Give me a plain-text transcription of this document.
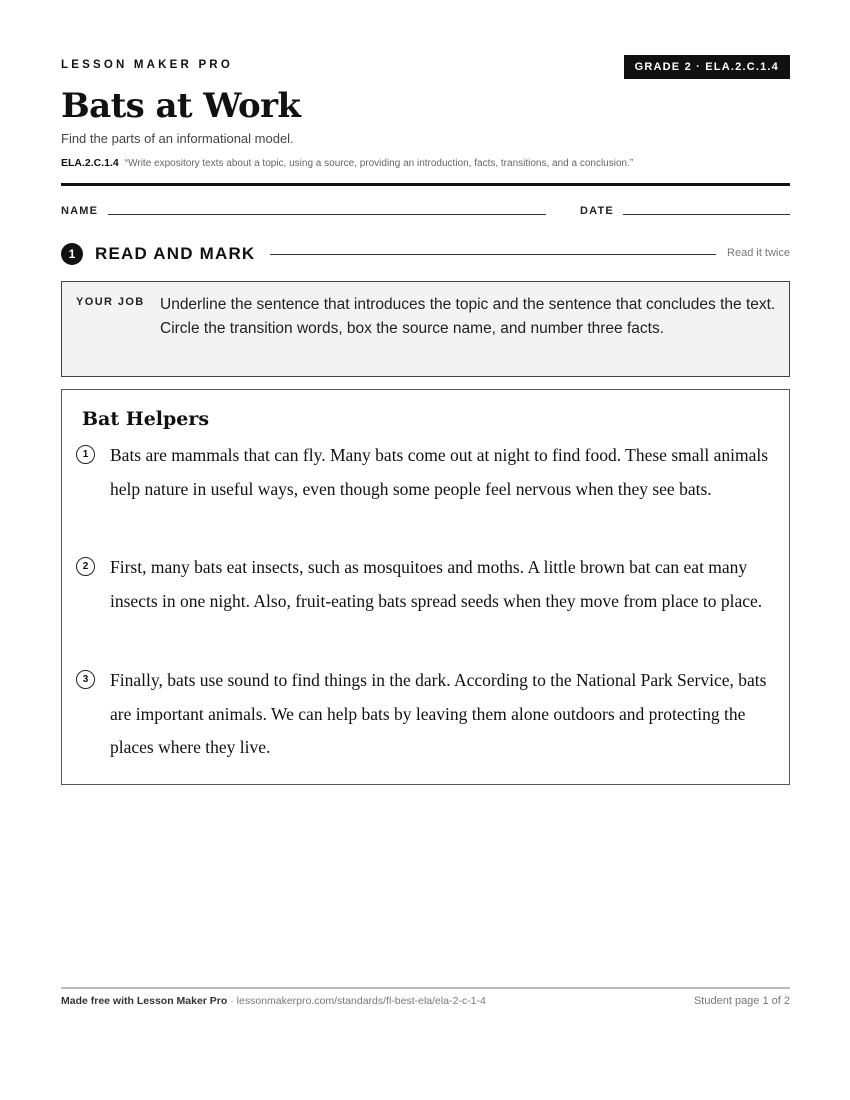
LESSON MAKER PRO	GRADE 2 · ELA.2.C.1.4
Bats at Work
Find the parts of an informational model.
ELA.2.C.1.4 “Write expository texts about a topic, using a source, providing an introduction, facts, transitions, and a conclusion.”
NAME	DATE
1	READ AND MARK	Read it twice
YOUR JOB Underline the sentence that introduces the topic and the sentence that concludes the text. Circle the transition words, box the source name, and number three facts.
Bat Helpers
1	Bats are mammals that can fly. Many bats come out at night to find food. These small animals help nature in useful ways, even though some people feel nervous when they see bats.
2	First, many bats eat insects, such as mosquitoes and moths. A little brown bat can eat many insects in one night. Also, fruit-eating bats spread seeds when they move from place to place.
3	Finally, bats use sound to find things in the dark. According to the National Park Service, bats are important animals. We can help bats by leaving them alone outdoors and protecting the places where they live.
Made free with Lesson Maker Pro · lessonmakerpro.com/standards/fl-best-ela/ela-2-c-1-4	Student page 1 of 2
